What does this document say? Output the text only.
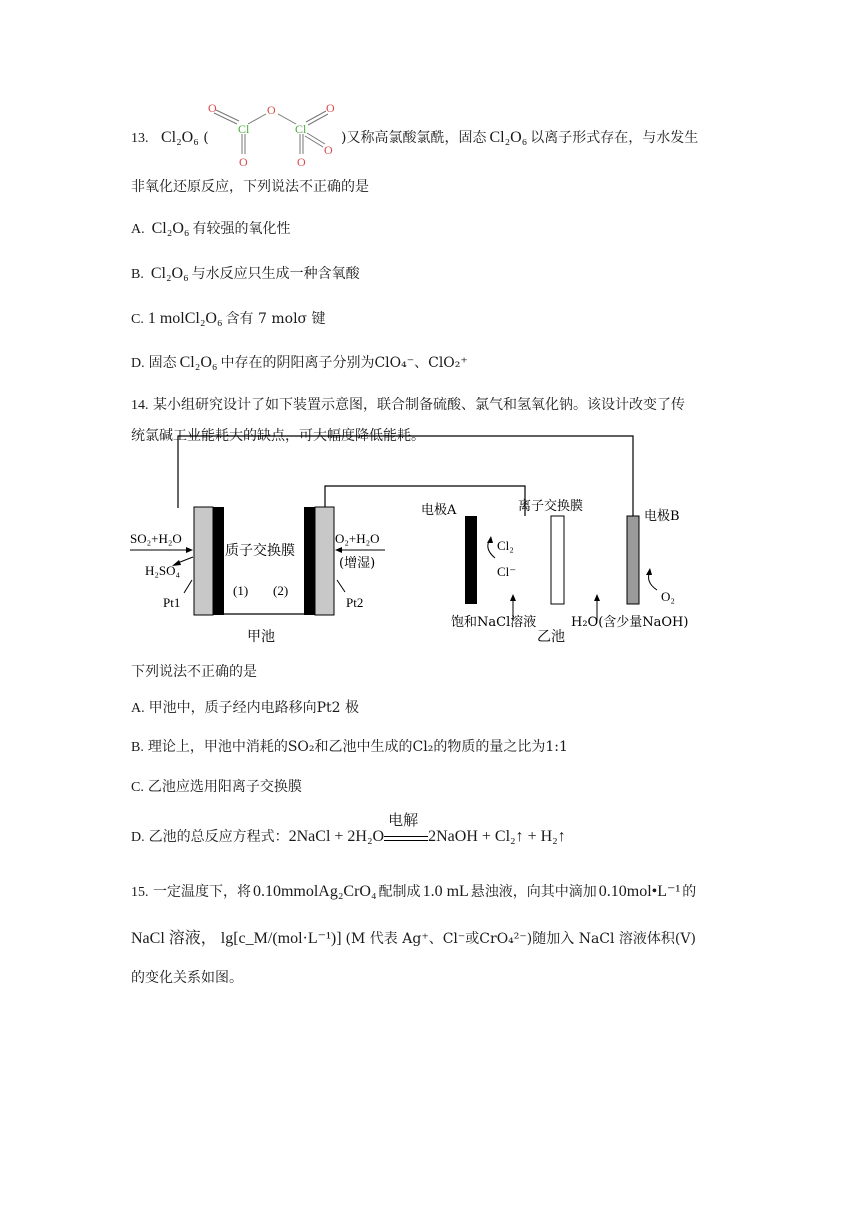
13. Cl₂O₆ (
O
Cl
O
O
Cl
O
O
O
)又称高氯酸氯酰，固态 Cl₂O₆ 以离子形式存在，与水发生
非氧化还原反应，下列说法不正确的是
A. Cl₂O₆ 有较强的氧化性
B. Cl₂O₆ 与水反应只生成一种含氧酸
C. 1 molCl₂O₆ 含有 7 molσ 键
D. 固态 Cl₂O₆ 中存在的阴阳离子分别为ClO₄⁻、ClO₂⁺
14. 某小组研究设计了如下装置示意图，联合制备硫酸、氯气和氢氧化钠。该设计改变了传
统氯碱工业能耗大的缺点，可大幅度降低能耗。
SO₂+H₂O
H₂SO₄
质子交换膜
O₂+H₂O
(增湿)
(1) (2)
Pt1	Pt2
甲池
电极A	离子交换膜
电极B
Cl₂
Cl⁻
O₂
饱和NaCl溶液	H₂O(含少量NaOH)
乙池
下列说法不正确的是
A. 甲池中，质子经内电路移向Pt2 极
B. 理论上，甲池中消耗的SO₂和乙池中生成的Cl₂的物质的量之比为1:1
C. 乙池应选用阳离子交换膜
D. 乙池的总反应方程式：2NaCl + 2H₂O
电解
2NaOH + Cl₂↑ + H₂↑
15. 一定温度下，将 0.10mmolAg₂CrO₄ 配制成 1.0 mL 悬浊液，向其中滴加 0.10mol•L⁻¹ 的
NaCl 溶液， lg[c_M/(mol·L⁻¹)] (M 代表 Ag⁺、Cl⁻或CrO₄²⁻)随加入 NaCl 溶液体积(V)
的变化关系如图。
